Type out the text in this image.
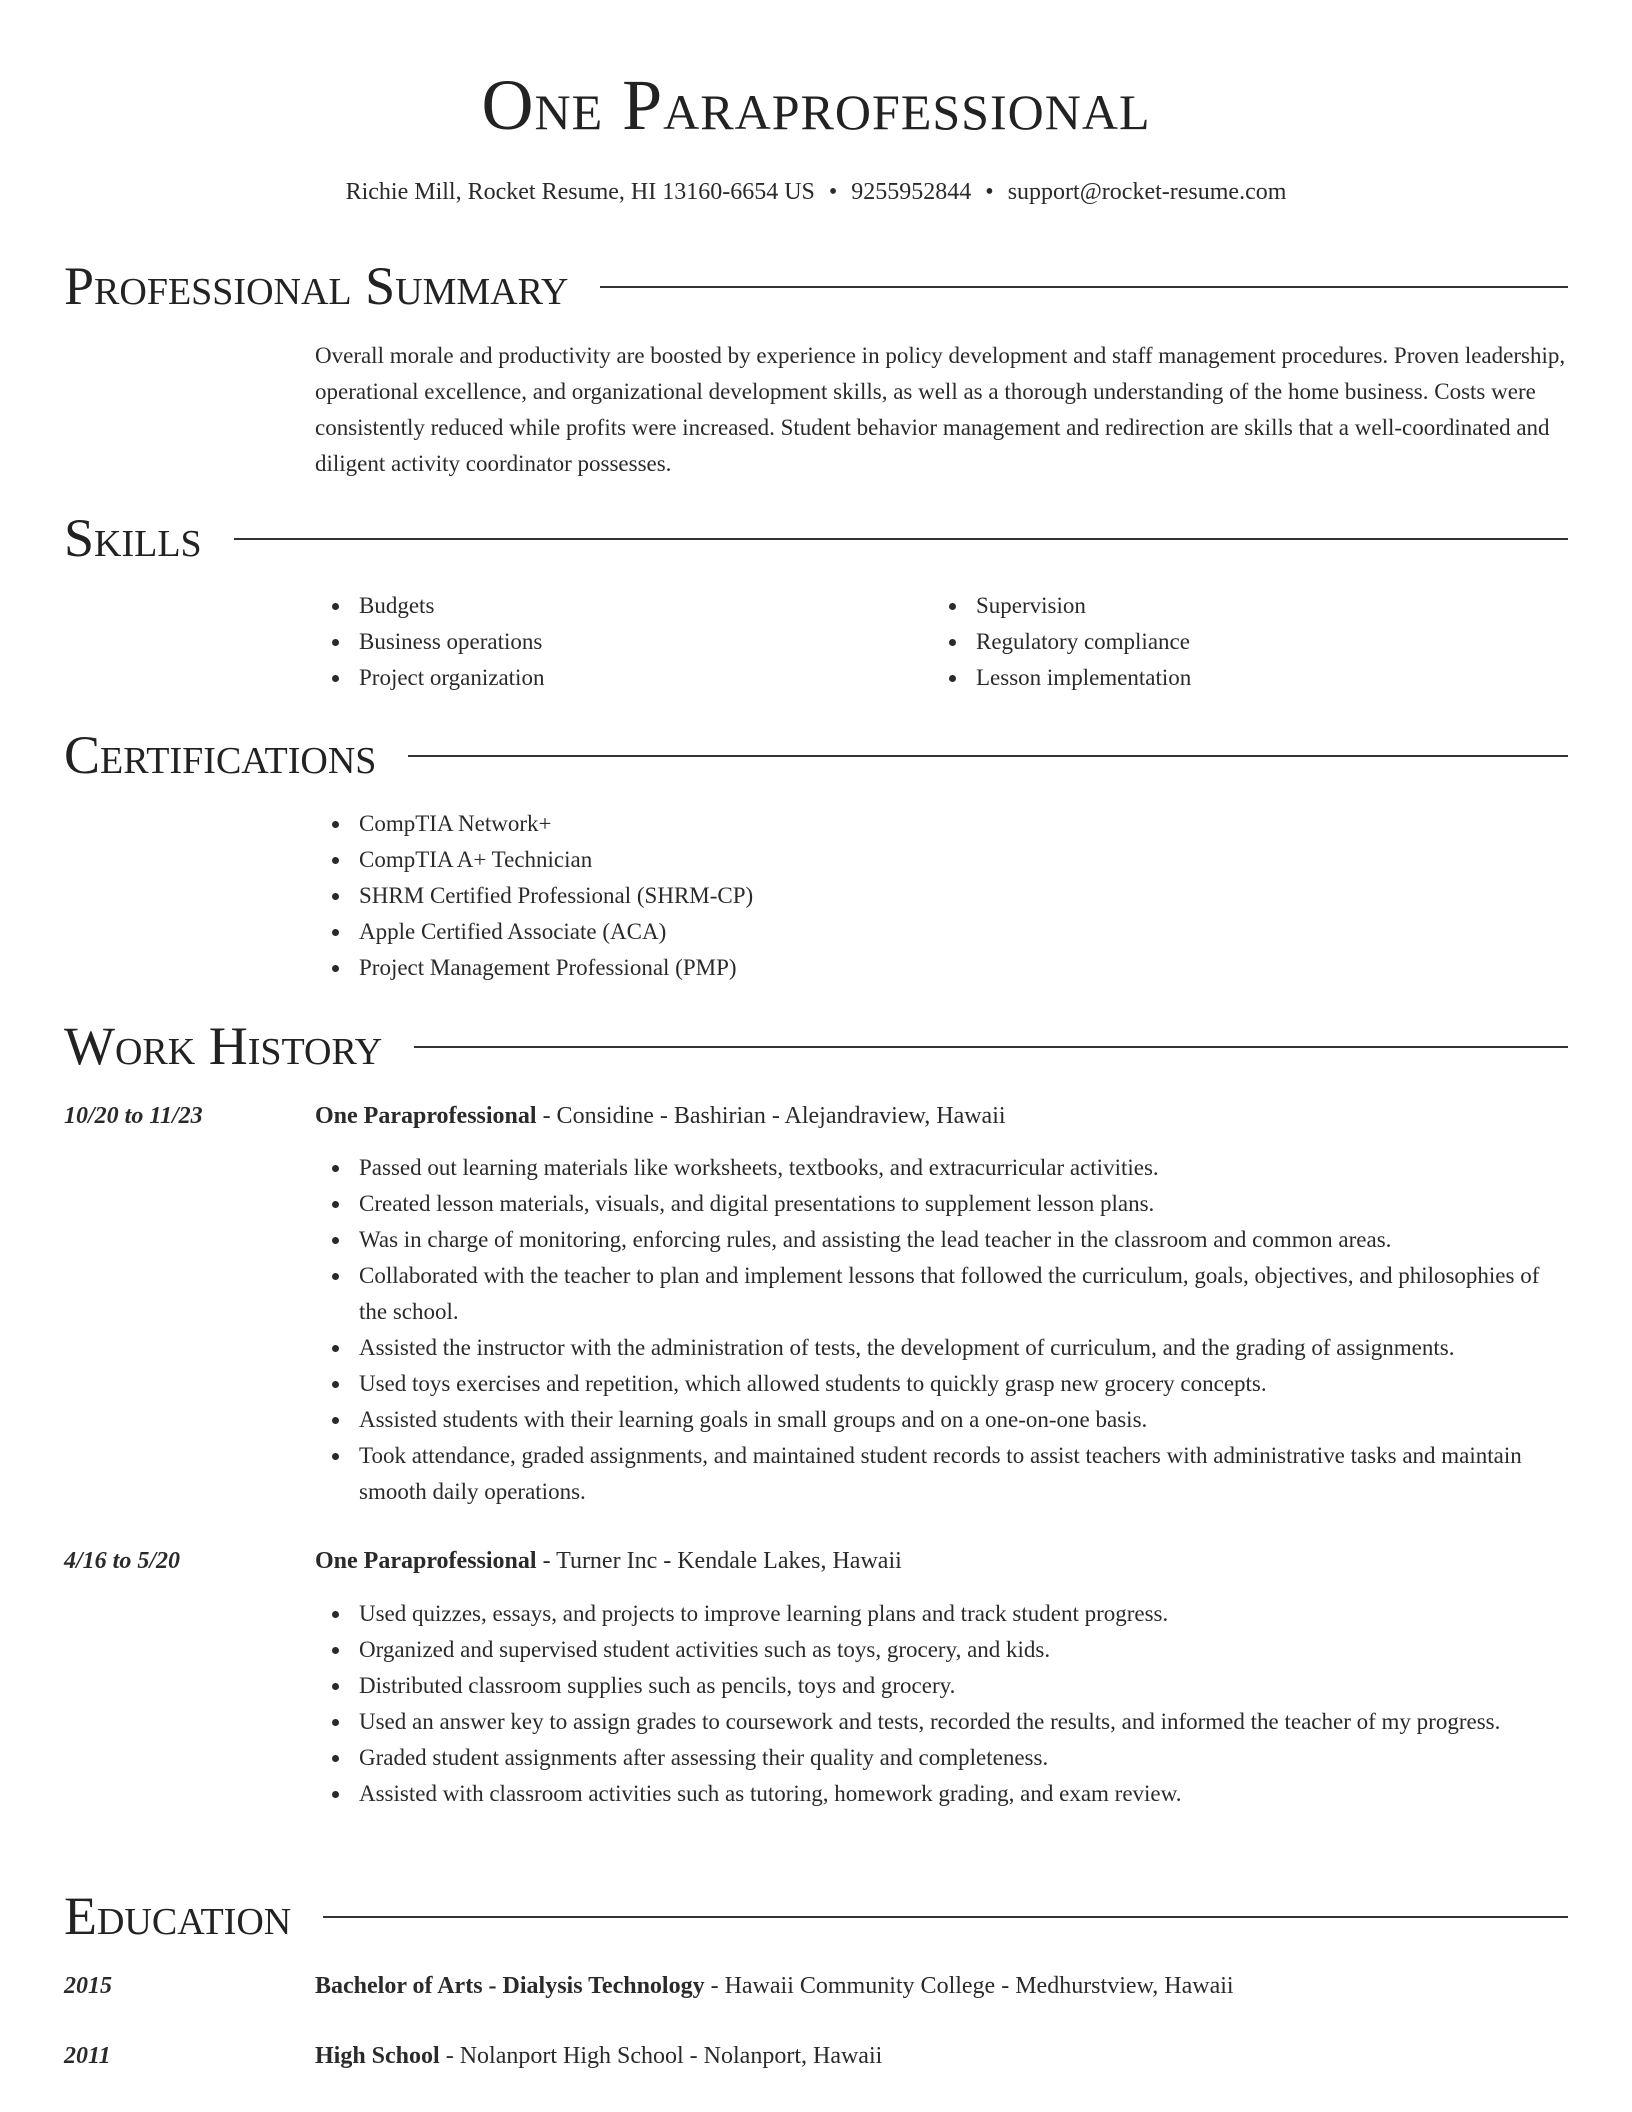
One Paraprofessional
Richie Mill, Rocket Resume, HI 13160-6654 US • 9255952844 • support@rocket-resume.com
Professional Summary
Overall morale and productivity are boosted by experience in policy development and staff management procedures. Proven leadership, operational excellence, and organizational development skills, as well as a thorough understanding of the home business. Costs were consistently reduced while profits were increased. Student behavior management and redirection are skills that a well-coordinated and diligent activity coordinator possesses.
Skills
Budgets
Business operations
Project organization
Supervision
Regulatory compliance
Lesson implementation
Certifications
CompTIA Network+
CompTIA A+ Technician
SHRM Certified Professional (SHRM-CP)
Apple Certified Associate (ACA)
Project Management Professional (PMP)
Work History
10/20 to 11/23	One Paraprofessional - Considine - Bashirian - Alejandraview, Hawaii
Passed out learning materials like worksheets, textbooks, and extracurricular activities.
Created lesson materials, visuals, and digital presentations to supplement lesson plans.
Was in charge of monitoring, enforcing rules, and assisting the lead teacher in the classroom and common areas.
Collaborated with the teacher to plan and implement lessons that followed the curriculum, goals, objectives, and philosophies of the school.
Assisted the instructor with the administration of tests, the development of curriculum, and the grading of assignments.
Used toys exercises and repetition, which allowed students to quickly grasp new grocery concepts.
Assisted students with their learning goals in small groups and on a one-on-one basis.
Took attendance, graded assignments, and maintained student records to assist teachers with administrative tasks and maintain smooth daily operations.
4/16 to 5/20	One Paraprofessional - Turner Inc - Kendale Lakes, Hawaii
Used quizzes, essays, and projects to improve learning plans and track student progress.
Organized and supervised student activities such as toys, grocery, and kids.
Distributed classroom supplies such as pencils, toys and grocery.
Used an answer key to assign grades to coursework and tests, recorded the results, and informed the teacher of my progress.
Graded student assignments after assessing their quality and completeness.
Assisted with classroom activities such as tutoring, homework grading, and exam review.
Education
2015	Bachelor of Arts - Dialysis Technology - Hawaii Community College - Medhurstview, Hawaii
2011	High School - Nolanport High School - Nolanport, Hawaii
